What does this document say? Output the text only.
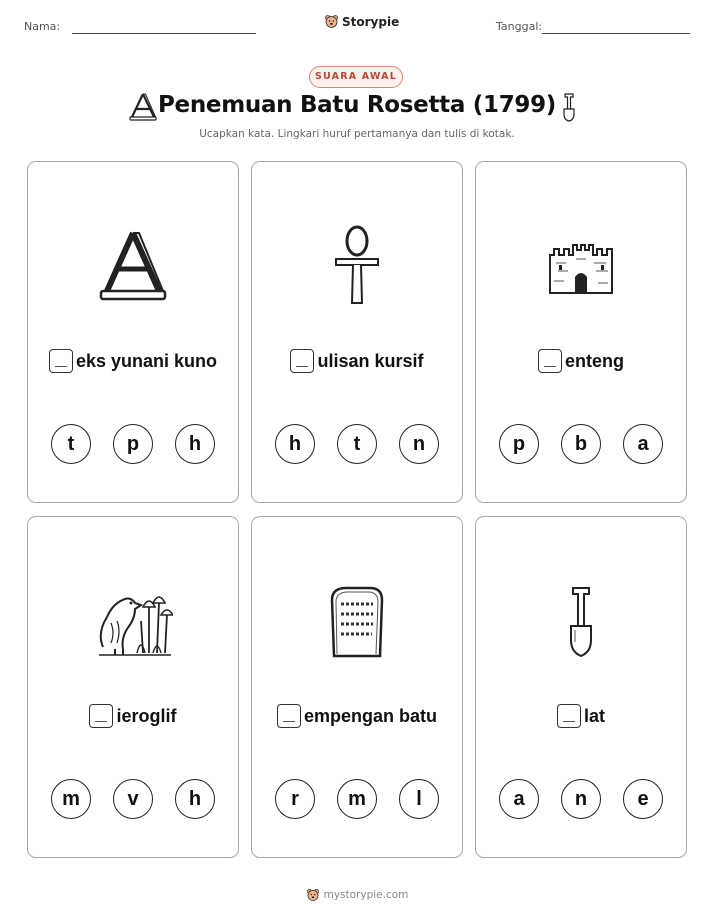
Nama:	Storypie	Tanggal:
SUARA AWAL
Penemuan Batu Rosetta (1799)
Ucapkan kata. Lingkari huruf pertamanya dan tulis di kotak.
eks yunani kuno
t	p	h
ulisan kursif
h	t	n
enteng
p	b	a
ieroglif
m	v	h
empengan batu
r	m	l
lat
a	n	e
mystorypie.com
